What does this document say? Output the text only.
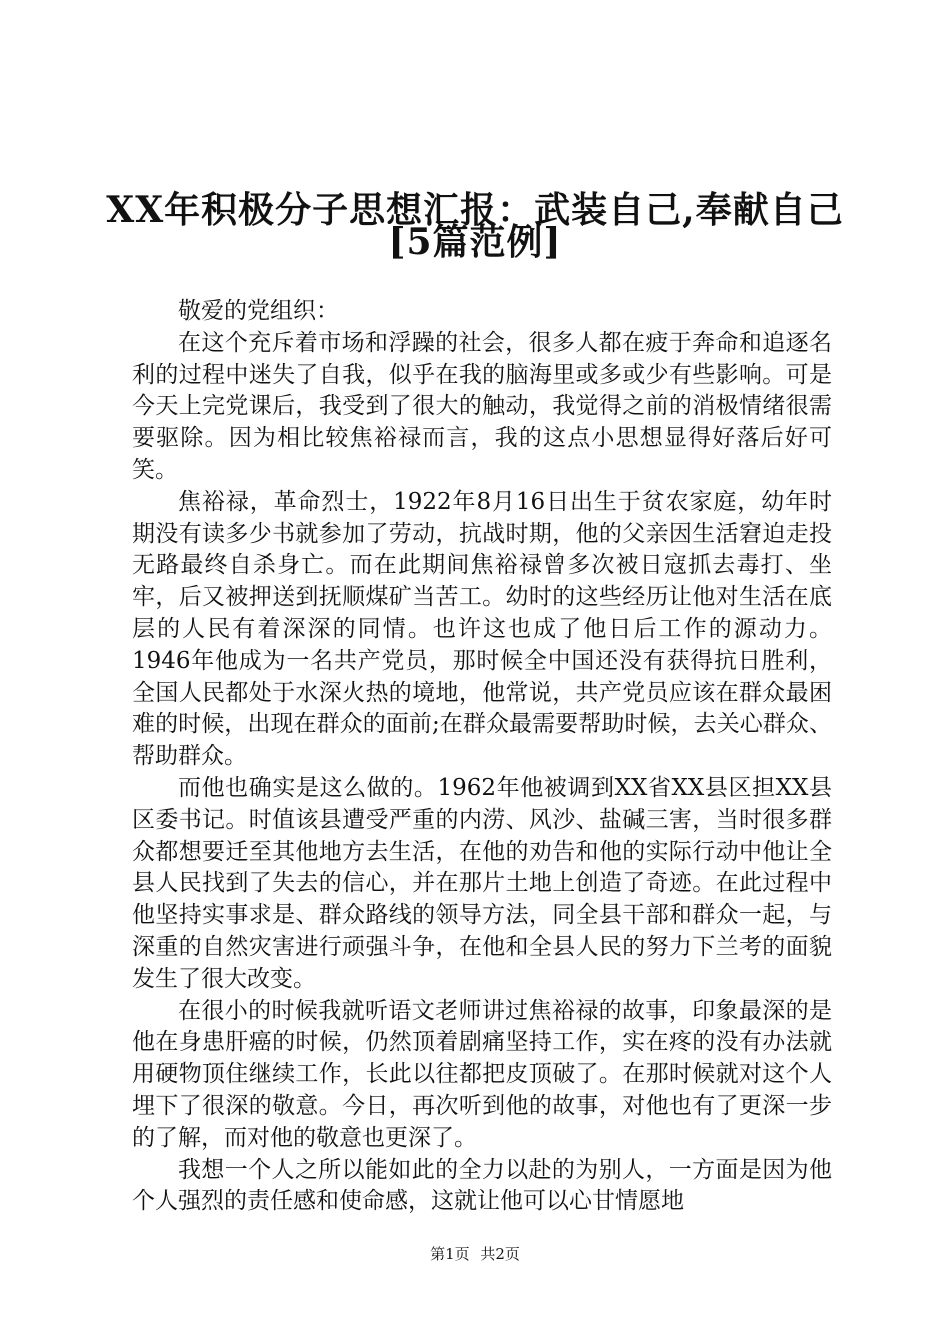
XX年积极分子思想汇报：武装自己,奉献自己
[5篇范例]

敬爱的党组织：

在这个充斥着市场和浮躁的社会，很多人都在疲于奔命和追逐名利的过程中迷失了自我，似乎在我的脑海里或多或少有些影响。可是今天上完党课后，我受到了很大的触动，我觉得之前的消极情绪很需要驱除。因为相比较焦裕禄而言，我的这点小思想显得好落后好可笑。

焦裕禄，革命烈士，1922年8月16日出生于贫农家庭，幼年时期没有读多少书就参加了劳动，抗战时期，他的父亲因生活窘迫走投无路最终自杀身亡。而在此期间焦裕禄曾多次被日寇抓去毒打、坐牢，后又被押送到抚顺煤矿当苦工。幼时的这些经历让他对生活在底层的人民有着深深的同情。也许这也成了他日后工作的源动力。1946年他成为一名共产党员，那时候全中国还没有获得抗日胜利，全国人民都处于水深火热的境地，他常说，共产党员应该在群众最困难的时候，出现在群众的面前;在群众最需要帮助时候，去关心群众、帮助群众。

而他也确实是这么做的。1962年他被调到XX省XX县区担XX县区委书记。时值该县遭受严重的内涝、风沙、盐碱三害，当时很多群众都想要迁至其他地方去生活，在他的劝告和他的实际行动中他让全县人民找到了失去的信心，并在那片土地上创造了奇迹。在此过程中他坚持实事求是、群众路线的领导方法，同全县干部和群众一起，与深重的自然灾害进行顽强斗争，在他和全县人民的努力下兰考的面貌发生了很大改变。

在很小的时候我就听语文老师讲过焦裕禄的故事，印象最深的是他在身患肝癌的时候，仍然顶着剧痛坚持工作，实在疼的没有办法就用硬物顶住继续工作，长此以往都把皮顶破了。在那时候就对这个人埋下了很深的敬意。今日，再次听到他的故事，对他也有了更深一步的了解，而对他的敬意也更深了。

我想一个人之所以能如此的全力以赴的为别人，一方面是因为他个人强烈的责任感和使命感，这就让他可以心甘情愿地

第1页 共2页
